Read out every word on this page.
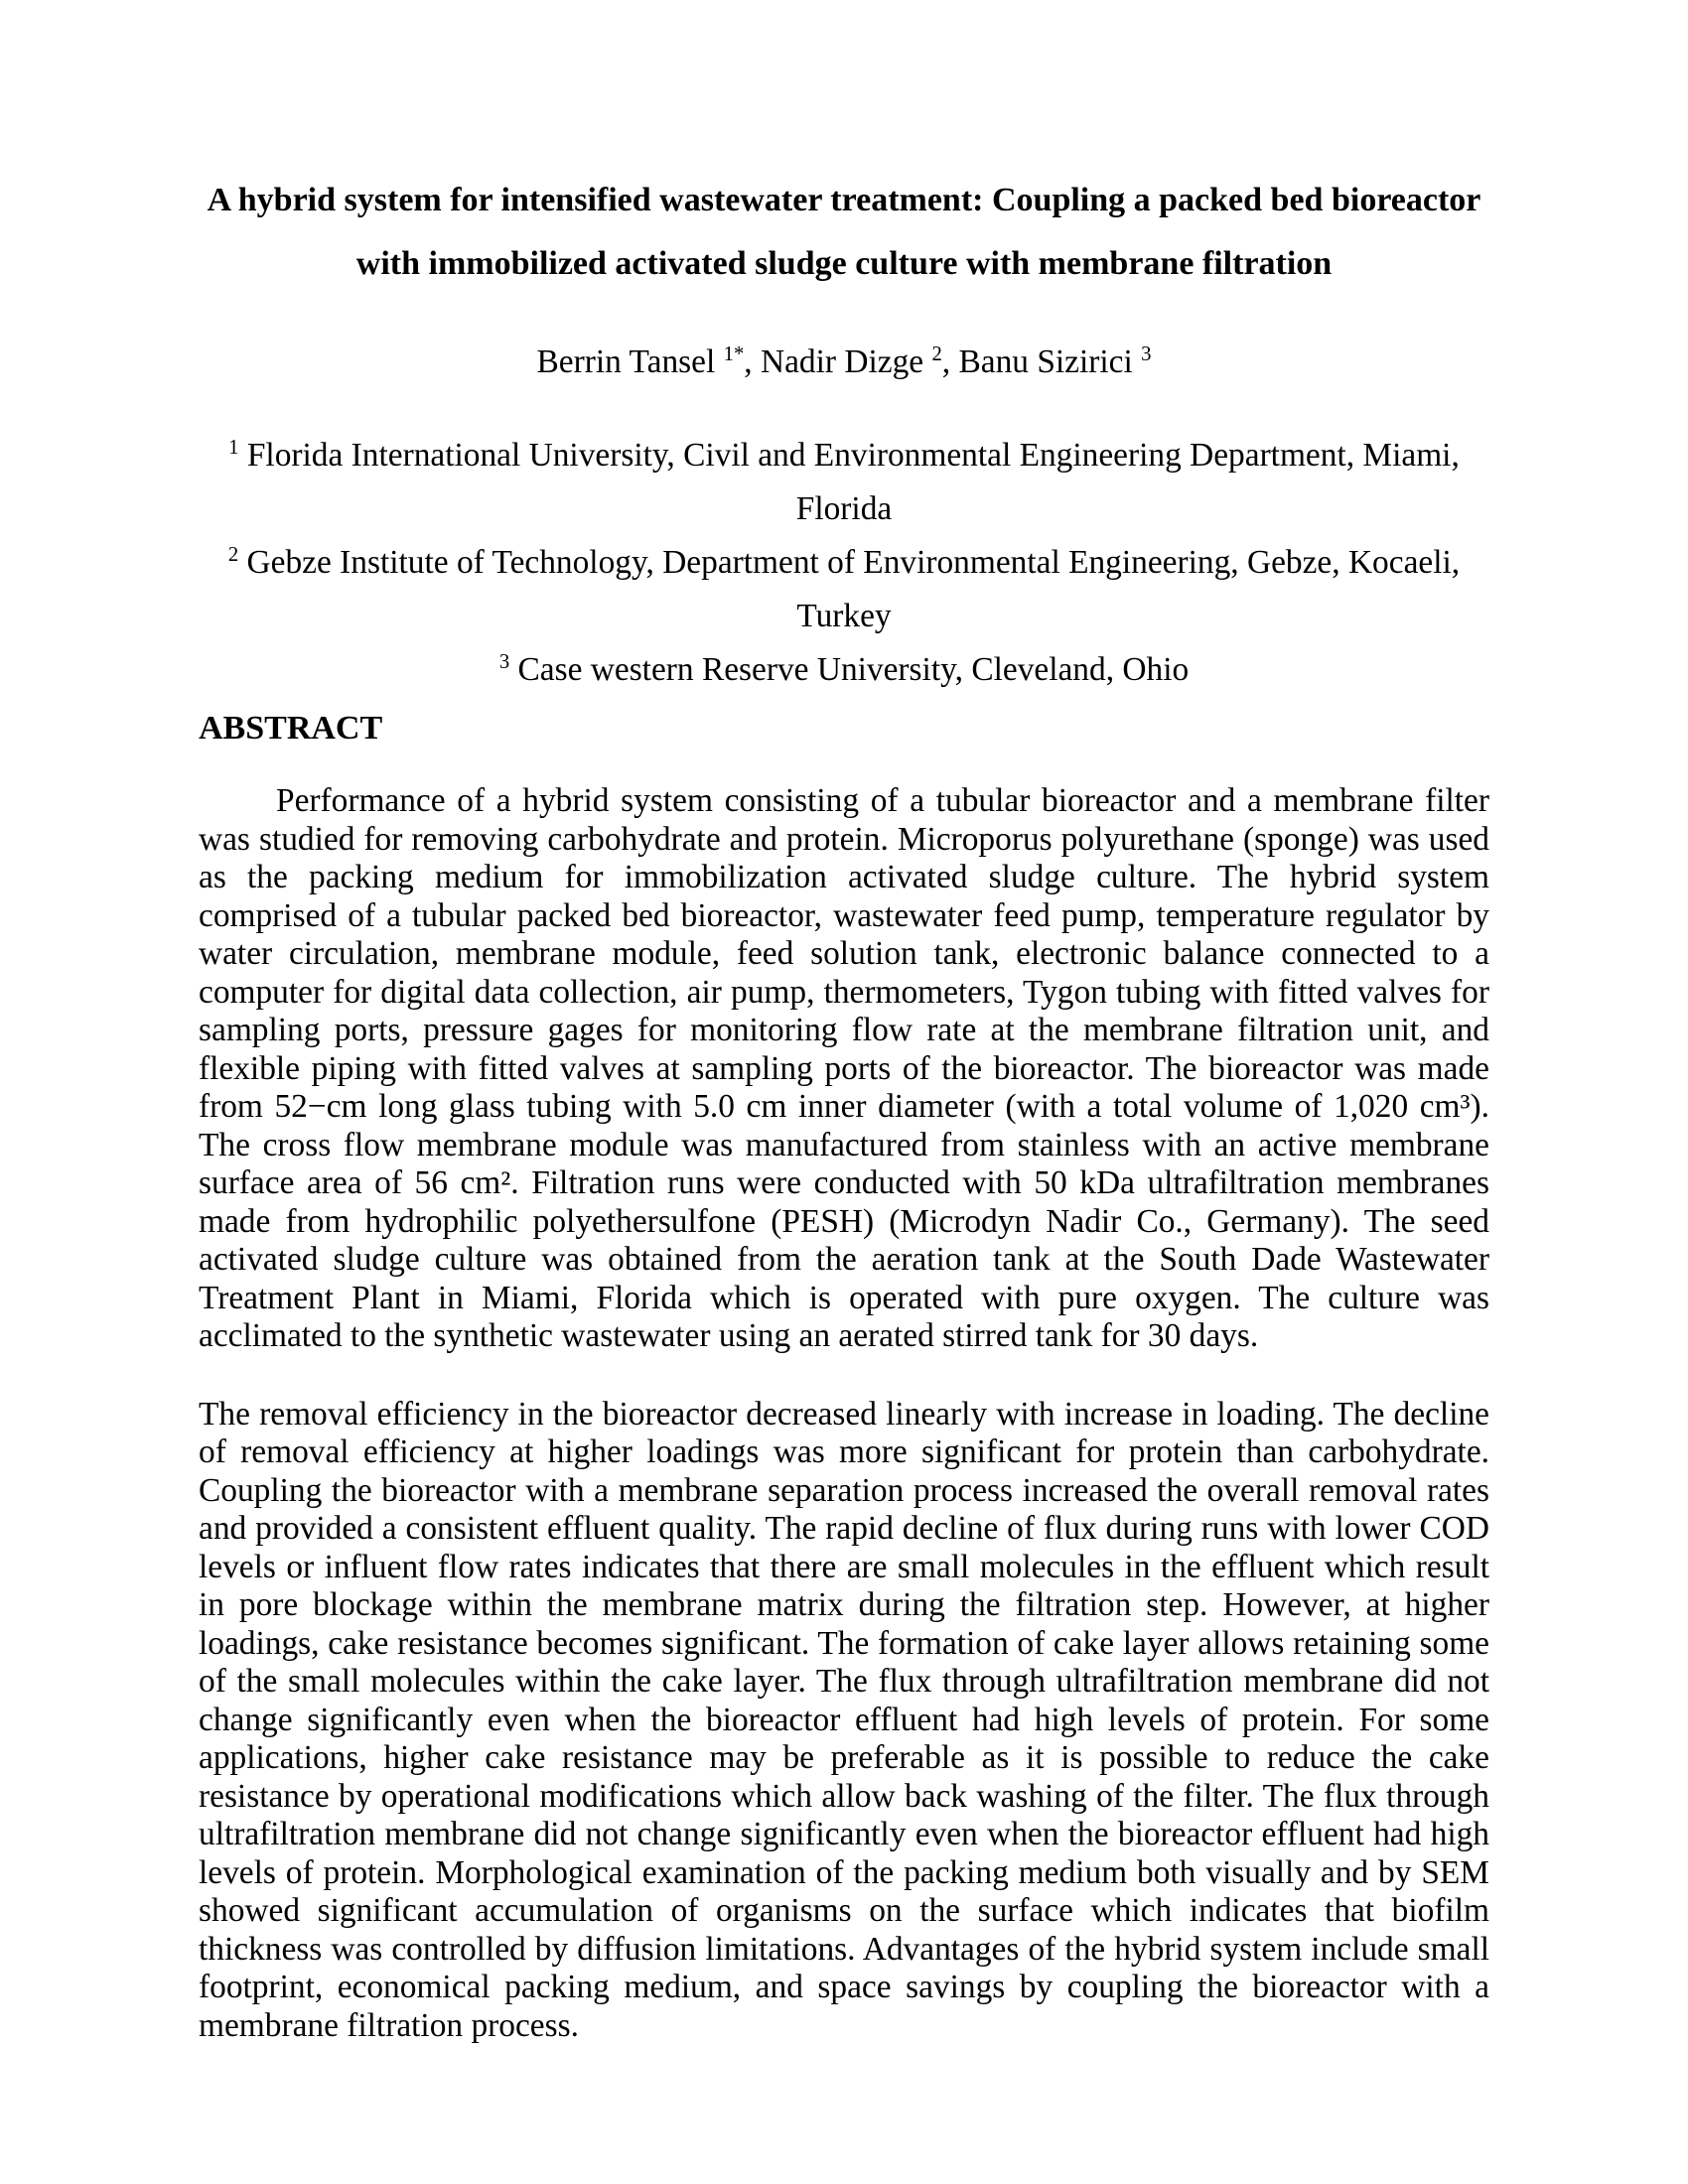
A hybrid system for intensified wastewater treatment: Coupling a packed bed bioreactor
with immobilized activated sludge culture with membrane filtration
Berrin Tansel $^{1*}$, Nadir Dizge $^2$, Banu Sizirici $^3$
$^1$ Florida International University, Civil and Environmental Engineering Department, Miami, Florida
$^2$ Gebze Institute of Technology, Department of Environmental Engineering, Gebze, Kocaeli, Turkey
$^3$ Case western Reserve University, Cleveland, Ohio
ABSTRACT

Performance of a hybrid system consisting of a tubular bioreactor and a membrane filter was studied for removing carbohydrate and protein. Microporus polyurethane (sponge) was used as the packing medium for immobilization activated sludge culture. The hybrid system comprised of a tubular packed bed bioreactor, wastewater feed pump, temperature regulator by water circulation, membrane module, feed solution tank, electronic balance connected to a computer for digital data collection, air pump, thermometers, Tygon tubing with fitted valves for sampling ports, pressure gages for monitoring flow rate at the membrane filtration unit, and flexible piping with fitted valves at sampling ports of the bioreactor. The bioreactor was made from 52−cm long glass tubing with 5.0 cm inner diameter (with a total volume of 1,020 cm³). The cross flow membrane module was manufactured from stainless with an active membrane surface area of 56 cm². Filtration runs were conducted with 50 kDa ultrafiltration membranes made from hydrophilic polyethersulfone (PESH) (Microdyn Nadir Co., Germany). The seed activated sludge culture was obtained from the aeration tank at the South Dade Wastewater Treatment Plant in Miami, Florida which is operated with pure oxygen. The culture was acclimated to the synthetic wastewater using an aerated stirred tank for 30 days.

The removal efficiency in the bioreactor decreased linearly with increase in loading. The decline of removal efficiency at higher loadings was more significant for protein than carbohydrate. Coupling the bioreactor with a membrane separation process increased the overall removal rates and provided a consistent effluent quality. The rapid decline of flux during runs with lower COD levels or influent flow rates indicates that there are small molecules in the effluent which result in pore blockage within the membrane matrix during the filtration step. However, at higher loadings, cake resistance becomes significant. The formation of cake layer allows retaining some of the small molecules within the cake layer. The flux through ultrafiltration membrane did not change significantly even when the bioreactor effluent had high levels of protein. For some applications, higher cake resistance may be preferable as it is possible to reduce the cake resistance by operational modifications which allow back washing of the filter. The flux through ultrafiltration membrane did not change significantly even when the bioreactor effluent had high levels of protein. Morphological examination of the packing medium both visually and by SEM showed significant accumulation of organisms on the surface which indicates that biofilm thickness was controlled by diffusion limitations. Advantages of the hybrid system include small footprint, economical packing medium, and space savings by coupling the bioreactor with a membrane filtration process.
